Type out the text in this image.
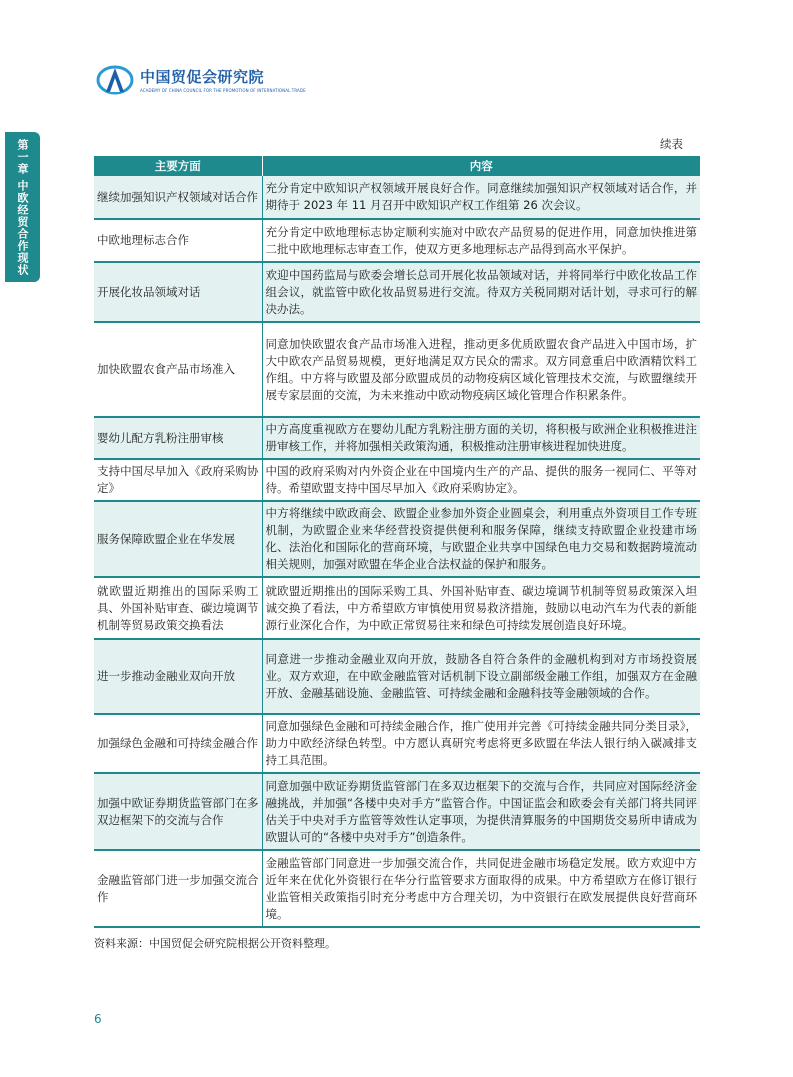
中国贸促会研究院
ACADEMY OF CHINA COUNCIL FOR THE PROMOTION OF INTERNATIONAL TRADE
第一章 中欧经贸合作现状	续表
主要方面	内容
继续加强知识产权领域对话合作	充分肯定中欧知识产权领域开展良好合作。同意继续加强知识产权领域对话合作，并期待于 2023 年 11 月召开中欧知识产权工作组第 26 次会议。
中欧地理标志合作	充分肯定中欧地理标志协定顺利实施对中欧农产品贸易的促进作用，同意加快推进第二批中欧地理标志审查工作，使双方更多地理标志产品得到高水平保护。
开展化妆品领域对话	欢迎中国药监局与欧委会增长总司开展化妆品领域对话，并将同举行中欧化妆品工作组会议，就监管中欧化妆品贸易进行交流。待双方关税同期对话计划，寻求可行的解决办法。
加快欧盟农食产品市场准入	同意加快欧盟农食产品市场准入进程，推动更多优质欧盟农食产品进入中国市场，扩大中欧农产品贸易规模，更好地满足双方民众的需求。双方同意重启中欧酒精饮料工作组。中方将与欧盟及部分欧盟成员的动物疫病区域化管理技术交流，与欧盟继续开展专家层面的交流，为未来推动中欧动物疫病区域化管理合作积累条件。
婴幼儿配方乳粉注册审核	中方高度重视欧方在婴幼儿配方乳粉注册方面的关切，将积极与欧洲企业积极推进注册审核工作，并将加强相关政策沟通，积极推动注册审核进程加快进度。
支持中国尽早加入《政府采购协定》	中国的政府采购对内外资企业在中国境内生产的产品、提供的服务一视同仁、平等对待。希望欧盟支持中国尽早加入《政府采购协定》。
服务保障欧盟企业在华发展	中方将继续中欧政商会、欧盟企业参加外资企业圆桌会，利用重点外资项目工作专班机制，为欧盟企业来华经营投资提供便利和服务保障，继续支持欧盟企业投建市场化、法治化和国际化的营商环境，与欧盟企业共享中国绿色电力交易和数据跨境流动相关规则，加强对欧盟在华企业合法权益的保护和服务。
就欧盟近期推出的国际采购工具、外国补贴审查、碳边境调节机制等贸易政策交换看法	就欧盟近期推出的国际采购工具、外国补贴审查、碳边境调节机制等贸易政策深入坦诚交换了看法，中方希望欧方审慎使用贸易救济措施，鼓励以电动汽车为代表的新能源行业深化合作，为中欧正常贸易往来和绿色可持续发展创造良好环境。
进一步推动金融业双向开放	同意进一步推动金融业双向开放，鼓励各自符合条件的金融机构到对方市场投资展业。双方欢迎，在中欧金融监管对话机制下设立副部级金融工作组，加强双方在金融开放、金融基础设施、金融监管、可持续金融和金融科技等金融领域的合作。
加强绿色金融和可持续金融合作	同意加强绿色金融和可持续金融合作，推广使用并完善《可持续金融共同分类目录》，助力中欧经济绿色转型。中方愿认真研究考虑将更多欧盟在华法人银行纳入碳减排支持工具范围。
加强中欧证券期货监管部门在多双边框架下的交流与合作	同意加强中欧证券期货监管部门在多双边框架下的交流与合作，共同应对国际经济金融挑战，并加强“各楼中央对手方”监管合作。中国证监会和欧委会有关部门将共同评估关于中央对手方监管等效性认定事项，为提供清算服务的中国期货交易所申请成为欧盟认可的“各楼中央对手方”创造条件。
金融监管部门进一步加强交流合作	金融监管部门同意进一步加强交流合作，共同促进金融市场稳定发展。欧方欢迎中方近年来在优化外资银行在华分行监管要求方面取得的成果。中方希望欧方在修订银行业监管相关政策指引时充分考虑中方合理关切，为中资银行在欧发展提供良好营商环境。
资料来源：中国贸促会研究院根据公开资料整理。
6
